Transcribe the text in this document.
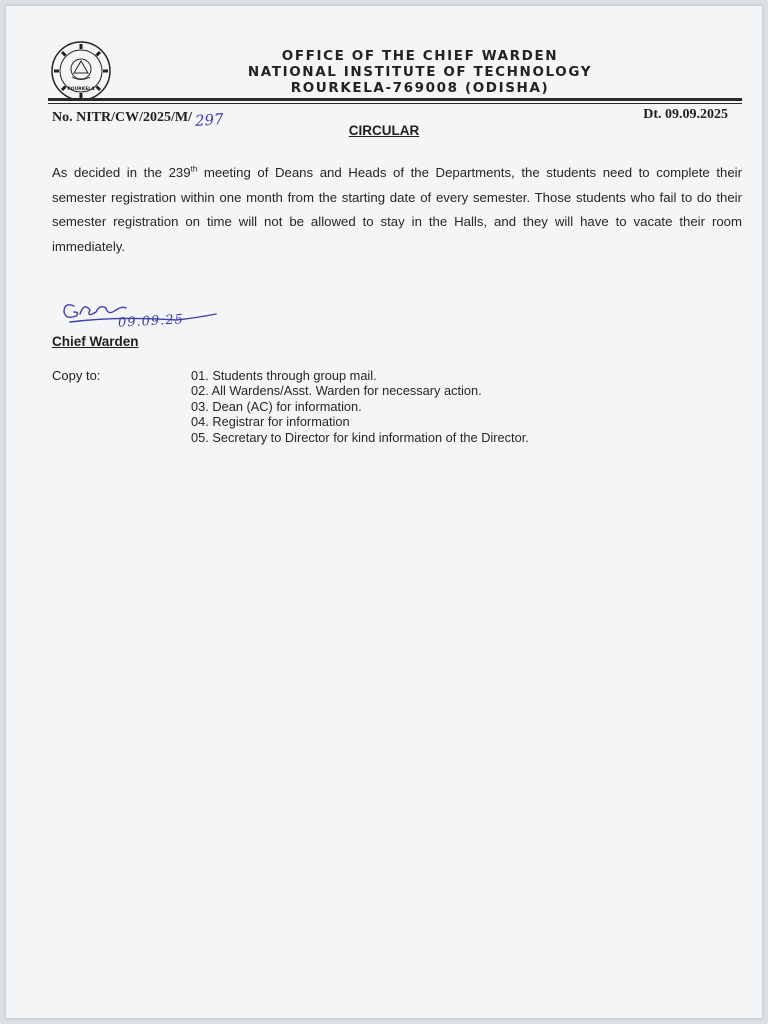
ROURKELA
OFFICE OF THE CHIEF WARDEN
NATIONAL INSTITUTE OF TECHNOLOGY
ROURKELA-769008 (ODISHA)
No. NITR/CW/2025/M/ 297	Dt. 09.09.2025
CIRCULAR
As decided in the 239th meeting of Deans and Heads of the Departments, the students need to complete their semester registration within one month from the starting date of every semester. Those students who fail to do their semester registration on time will not be allowed to stay in the Halls, and they will have to vacate their room immediately.
09.09.25
Chief Warden
Copy to:	01. Students through group mail.
02. All Wardens/Asst. Warden for necessary action.
03. Dean (AC) for information.
04. Registrar for information
05. Secretary to Director for kind information of the Director.
